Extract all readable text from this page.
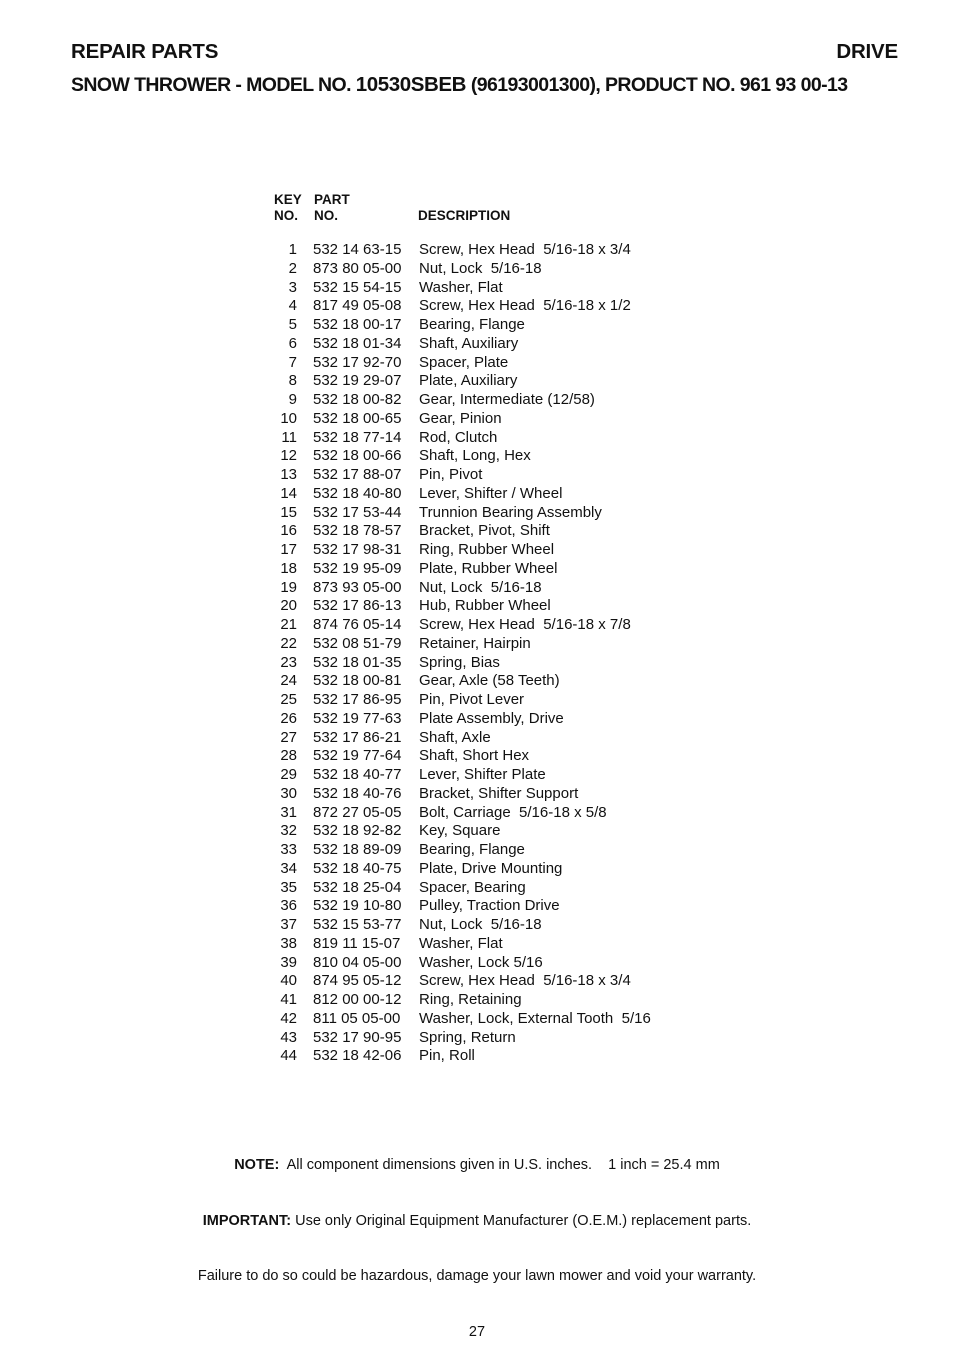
REPAIR PARTS	DRIVE
SNOW THROWER - MODEL NO. 10530SBEB (96193001300), PRODUCT NO. 961 93 00-13
KEY
NO.
PART
NO.	DESCRIPTION
1 532 14 63-15	Screw, Hex Head  5/16-18 x 3/4
2 873 80 05-00	Nut, Lock  5/16-18
3 532 15 54-15	Washer, Flat
4 817 49 05-08	Screw, Hex Head  5/16-18 x 1/2
5 532 18 00-17	Bearing, Flange
6 532 18 01-34	Shaft, Auxiliary
7 532 17 92-70	Spacer, Plate
8 532 19 29-07	Plate, Auxiliary
9 532 18 00-82	Gear, Intermediate (12/58)
10 532 18 00-65	Gear, Pinion
11 532 18 77-14	Rod, Clutch
12 532 18 00-66	Shaft, Long, Hex
13 532 17 88-07	Pin, Pivot
14 532 18 40-80	Lever, Shifter / Wheel
15 532 17 53-44	Trunnion Bearing Assembly
16 532 18 78-57	Bracket, Pivot, Shift
17 532 17 98-31	Ring, Rubber Wheel
18 532 19 95-09	Plate, Rubber Wheel
19 873 93 05-00	Nut, Lock  5/16-18
20 532 17 86-13	Hub, Rubber Wheel
21 874 76 05-14	Screw, Hex Head  5/16-18 x 7/8
22 532 08 51-79	Retainer, Hairpin
23 532 18 01-35	Spring, Bias
24 532 18 00-81	Gear, Axle (58 Teeth)
25 532 17 86-95	Pin, Pivot Lever
26 532 19 77-63	Plate Assembly, Drive
27 532 17 86-21	Shaft, Axle
28 532 19 77-64	Shaft, Short Hex
29 532 18 40-77	Lever, Shifter Plate
30 532 18 40-76	Bracket, Shifter Support
31 872 27 05-05	Bolt, Carriage  5/16-18 x 5/8
32 532 18 92-82	Key, Square
33 532 18 89-09	Bearing, Flange
34 532 18 40-75	Plate, Drive Mounting
35 532 18 25-04	Spacer, Bearing
36 532 19 10-80	Pulley, Traction Drive
37 532 15 53-77	Nut, Lock  5/16-18
38 819 11 15-07	Washer, Flat
39 810 04 05-00	Washer, Lock 5/16
40 874 95 05-12	Screw, Hex Head  5/16-18 x 3/4
41 812 00 00-12	Ring, Retaining
42 811 05 05-00	Washer, Lock, External Tooth  5/16
43 532 17 90-95	Spring, Return
44 532 18 42-06	Pin, Roll

NOTE:  All component dimensions given in U.S. inches.    1 inch = 25.4 mm

IMPORTANT: Use only Original Equipment Manufacturer (O.E.M.) replacement parts.

Failure to do so could be hazardous, damage your lawn mower and void your warranty.

27
